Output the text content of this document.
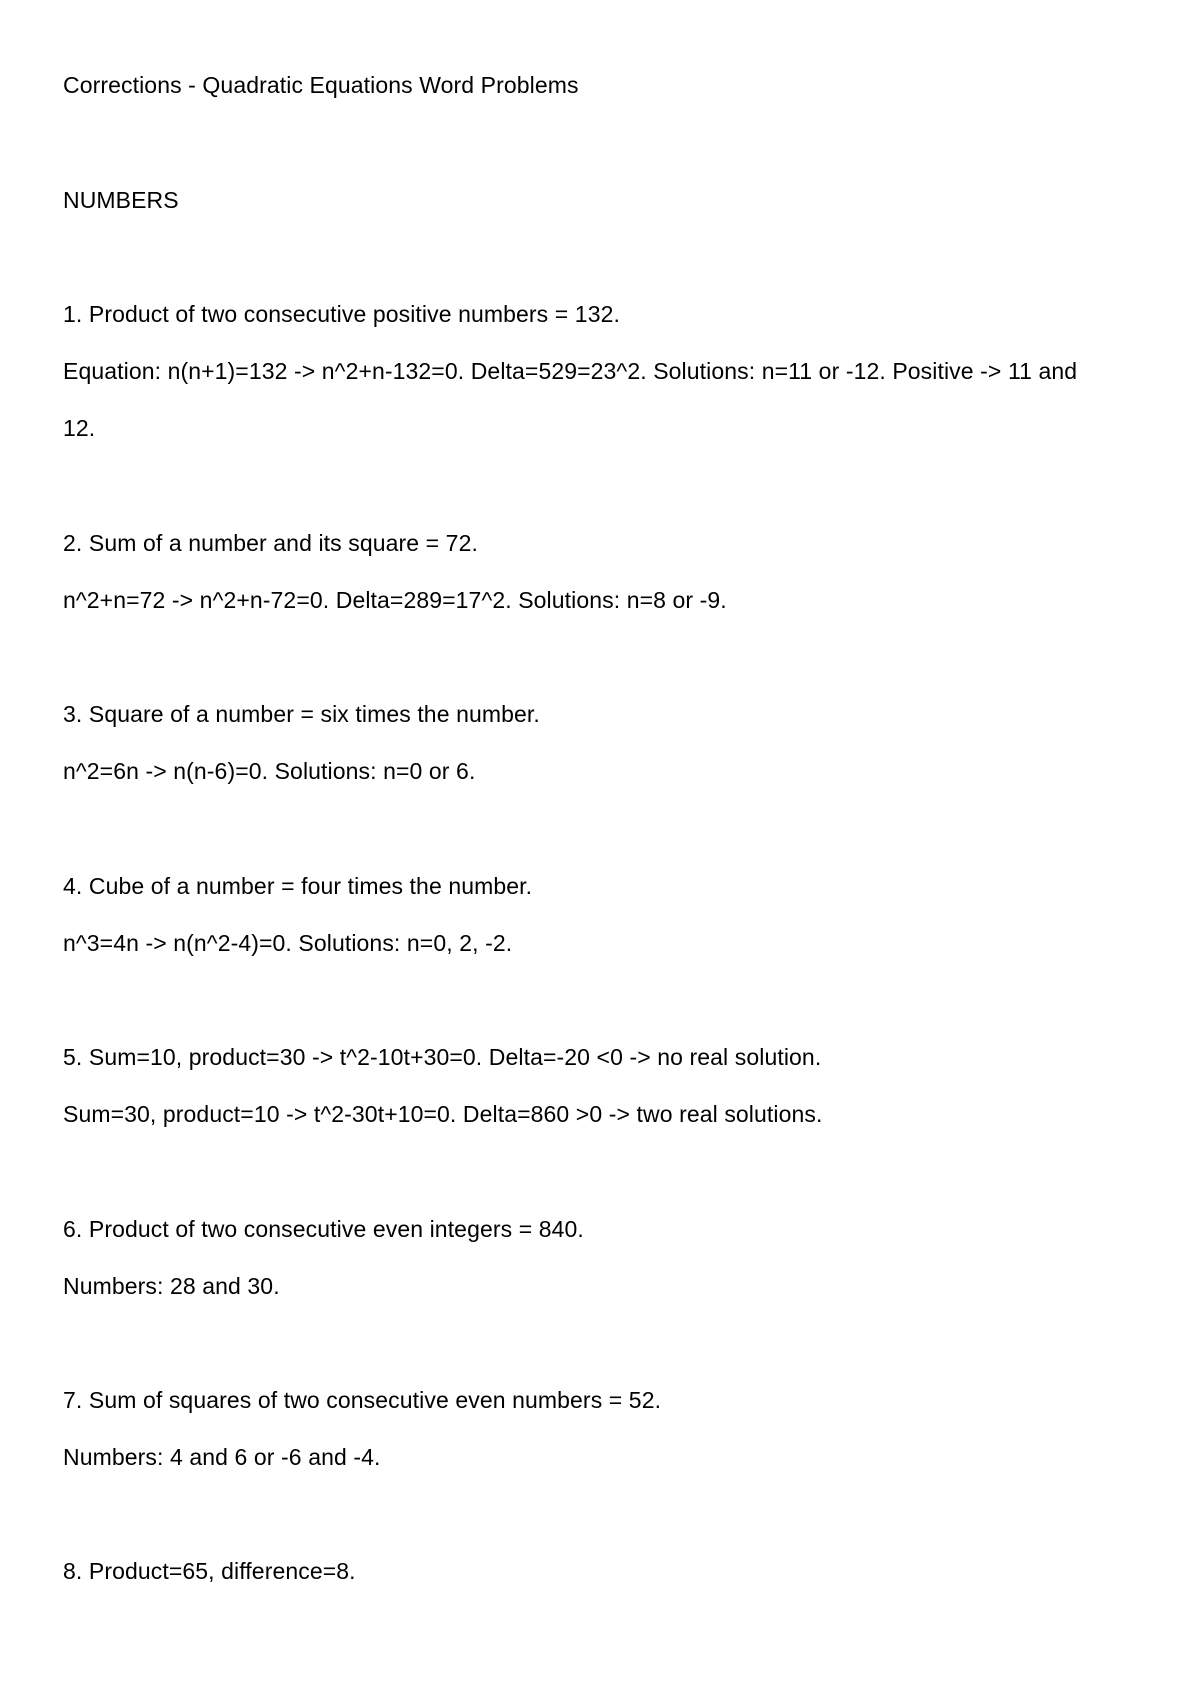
Corrections - Quadratic Equations Word Problems
NUMBERS
1. Product of two consecutive positive numbers = 132.
Equation: n(n+1)=132 -> n^2+n-132=0. Delta=529=23^2. Solutions: n=11 or -12. Positive -> 11 and
12.
2. Sum of a number and its square = 72.
n^2+n=72 -> n^2+n-72=0. Delta=289=17^2. Solutions: n=8 or -9.
3. Square of a number = six times the number.
n^2=6n -> n(n-6)=0. Solutions: n=0 or 6.
4. Cube of a number = four times the number.
n^3=4n -> n(n^2-4)=0. Solutions: n=0, 2, -2.
5. Sum=10, product=30 -> t^2-10t+30=0. Delta=-20 <0 -> no real solution.
Sum=30, product=10 -> t^2-30t+10=0. Delta=860 >0 -> two real solutions.
6. Product of two consecutive even integers = 840.
Numbers: 28 and 30.
7. Sum of squares of two consecutive even numbers = 52.
Numbers: 4 and 6 or -6 and -4.
8. Product=65, difference=8.
